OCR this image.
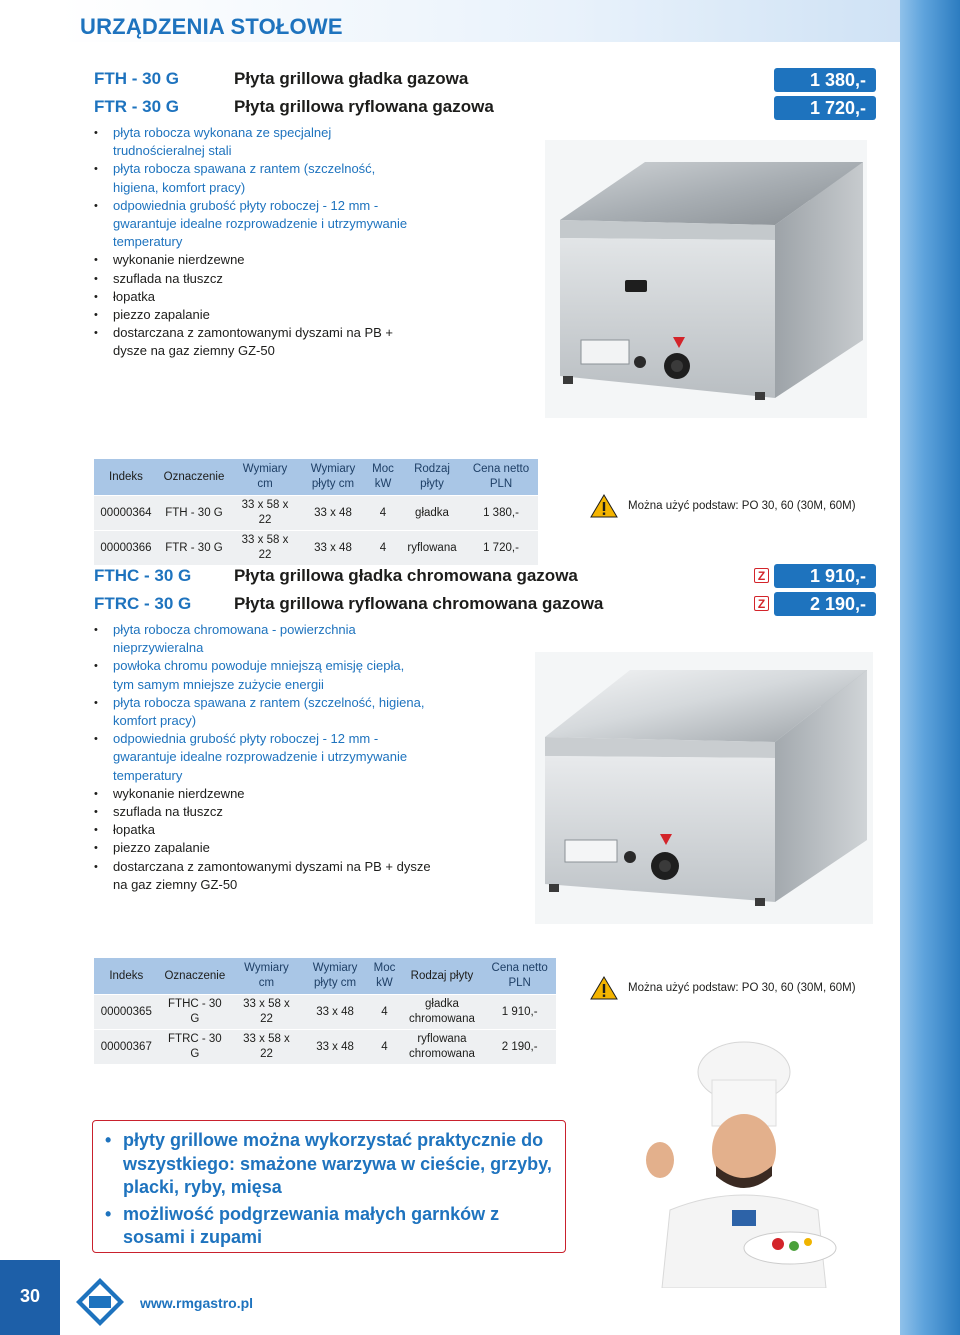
URZĄDZENIA STOŁOWE
FTH - 30 G	Płyta grillowa gładka gazowa	1 380,-
FTR - 30 G	Płyta grillowa ryflowana gazowa	1 720,-
• płyta robocza wykonana ze specjalnej
trudnościeralnej stali
• płyta robocza spawana z rantem (szczelność,
higiena, komfort pracy)
• odpowiednia grubość płyty roboczej - 12 mm -
gwarantuje idealne rozprowadzenie i utrzymywanie
temperatury
• wykonanie nierdzewne
• szuflada na tłuszcz
• łopatka
• piezzo zapalanie
• dostarczana z zamontowanymi dyszami na PB +
dysze na gaz ziemny GZ-50
Indeks	Oznaczenie	Wymiary cm	Wymiary płyty cm	Moc kW	Rodzaj płyty	Cena netto PLN
00000364	FTH - 30 G	33 x 58 x 22	33 x 48	4	gładka	1 380,-
00000366	FTR - 30 G	33 x 58 x 22	33 x 48	4	ryflowana	1 720,-
Można użyć podstaw: PO 30, 60 (30M, 60M)
FTHC - 30 G	Płyta grillowa gładka chromowana gazowa	Z	1 910,-
FTRC - 30 G	Płyta grillowa ryflowana chromowana gazowa	Z	2 190,-
• płyta robocza chromowana - powierzchnia
nieprzywieralna
• powłoka chromu powoduje mniejszą emisję ciepła,
tym samym mniejsze zużycie energii
• płyta robocza spawana z rantem (szczelność, higiena,
komfort pracy)
• odpowiednia grubość płyty roboczej - 12 mm -
gwarantuje idealne rozprowadzenie i utrzymywanie
temperatury
• wykonanie nierdzewne
• szuflada na tłuszcz
• łopatka
• piezzo zapalanie
• dostarczana z zamontowanymi dyszami na PB + dysze
na gaz ziemny GZ-50
Indeks	Oznaczenie	Wymiary cm	Wymiary płyty cm	Moc kW	Rodzaj płyty	Cena netto PLN
00000365	FTHC - 30 G	33 x 58 x 22	33 x 48	4	gładka chromowana	1 910,-
00000367	FTRC - 30 G	33 x 58 x 22	33 x 48	4	ryflowana chromowana	2 190,-
Można użyć podstaw: PO 30, 60 (30M, 60M)
• płyty grillowe można wykorzystać praktycznie do wszystkiego: smażone warzywa w cieście, grzyby, placki, ryby, mięsa
• możliwość podgrzewania małych garnków z sosami i zupami
30	www.rmgastro.pl
